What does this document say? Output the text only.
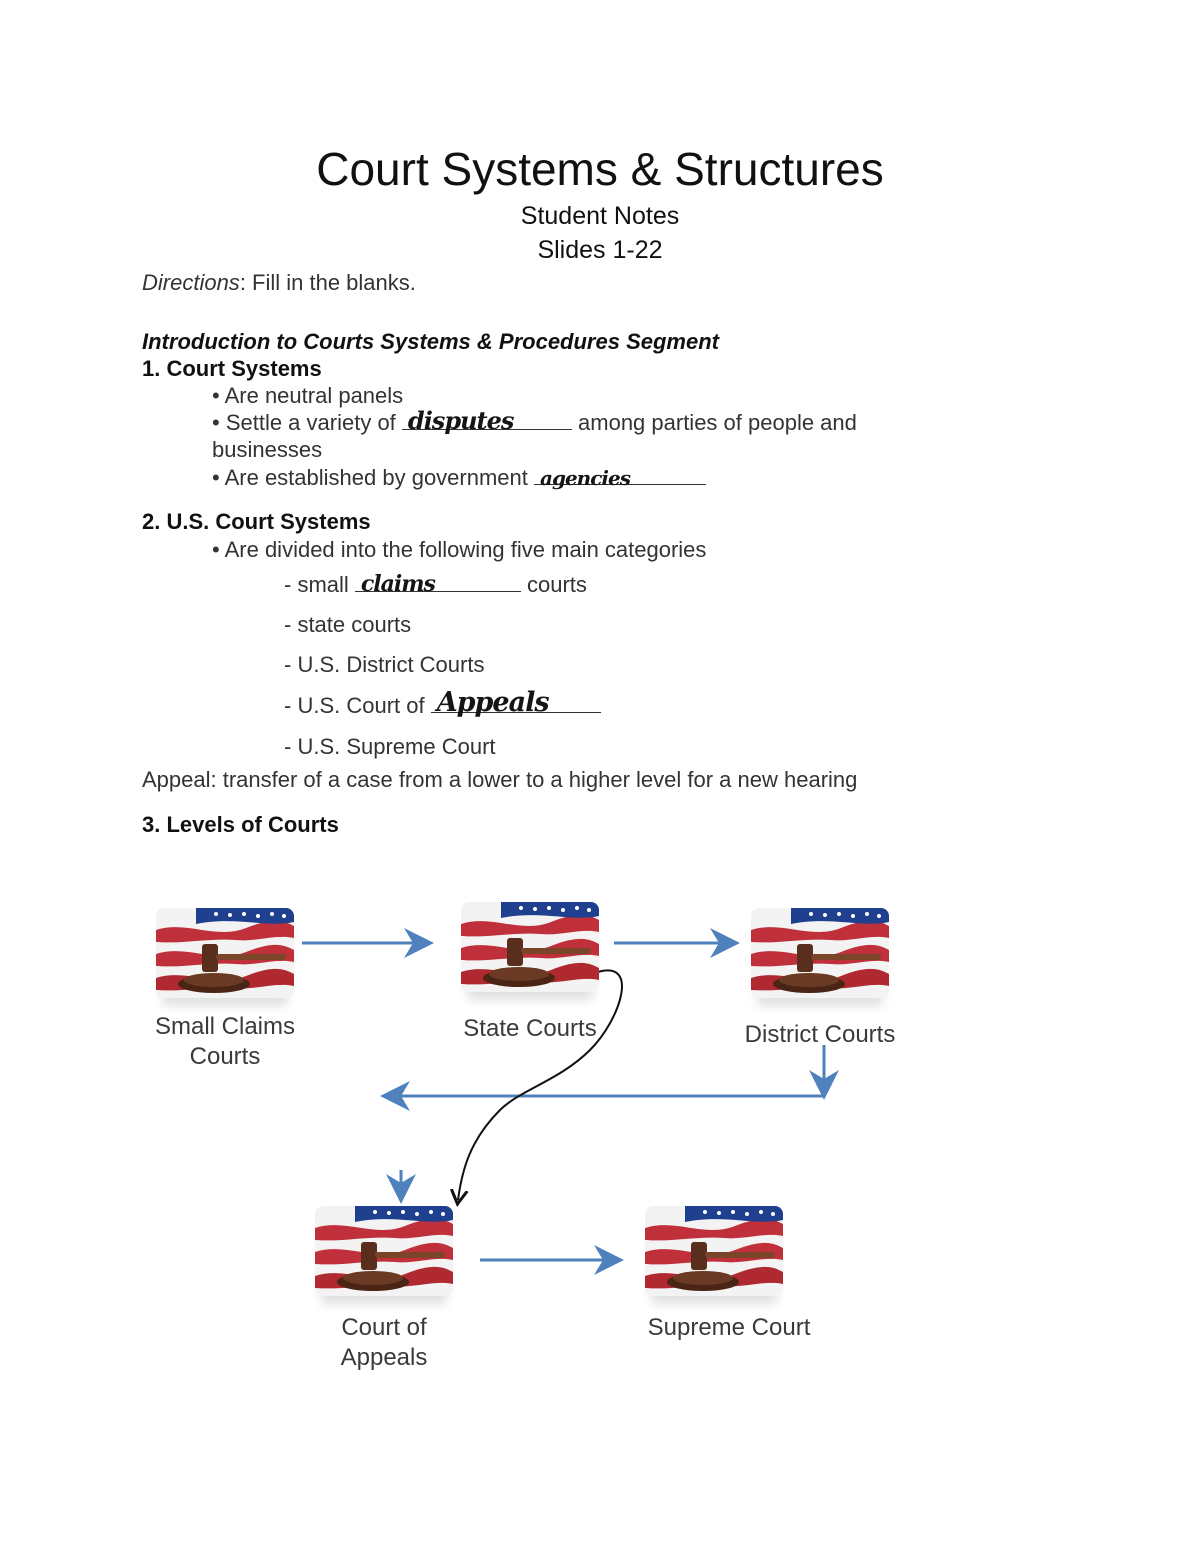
Court Systems & Structures
Student Notes
Slides 1-22
Directions: Fill in the blanks.
Introduction to Courts Systems & Procedures Segment
1. Court Systems
• Are neutral panels
• Settle a variety of disputes	among parties of people and
businesses
• Are established by government agencies
2. U.S. Court Systems
• Are divided into the following five main categories
- small claims	courts
- state courts
- U.S. District Courts
- U.S. Court of Appeals
- U.S. Supreme Court
Appeal: transfer of a case from a lower to a higher level for a new hearing
3. Levels of Courts
Small Claims Courts
State Courts	District Courts
Court of Appeals
Supreme Court
